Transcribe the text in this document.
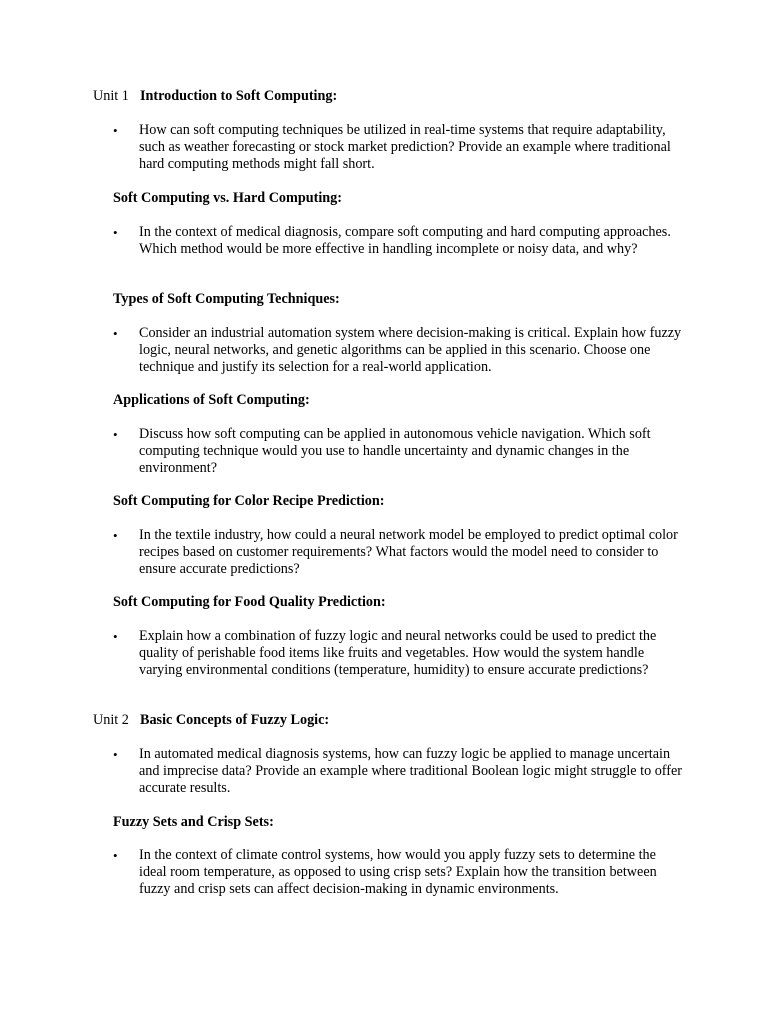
Unit 1 Introduction to Soft Computing:
•	How can soft computing techniques be utilized in real-time systems that require adaptability, such as weather forecasting or stock market prediction? Provide an example where traditional hard computing methods might fall short.
Soft Computing vs. Hard Computing:
•	In the context of medical diagnosis, compare soft computing and hard computing approaches. Which method would be more effective in handling incomplete or noisy data, and why?
Types of Soft Computing Techniques:
•	Consider an industrial automation system where decision-making is critical. Explain how fuzzy logic, neural networks, and genetic algorithms can be applied in this scenario. Choose one technique and justify its selection for a real-world application.
Applications of Soft Computing:
•	Discuss how soft computing can be applied in autonomous vehicle navigation. Which soft computing technique would you use to handle uncertainty and dynamic changes in the environment?
Soft Computing for Color Recipe Prediction:
•	In the textile industry, how could a neural network model be employed to predict optimal color recipes based on customer requirements? What factors would the model need to consider to ensure accurate predictions?
Soft Computing for Food Quality Prediction:
•	Explain how a combination of fuzzy logic and neural networks could be used to predict the quality of perishable food items like fruits and vegetables. How would the system handle varying environmental conditions (temperature, humidity) to ensure accurate predictions?
Unit 2 Basic Concepts of Fuzzy Logic:
•	In automated medical diagnosis systems, how can fuzzy logic be applied to manage uncertain and imprecise data? Provide an example where traditional Boolean logic might struggle to offer accurate results.
Fuzzy Sets and Crisp Sets:
•	In the context of climate control systems, how would you apply fuzzy sets to determine the ideal room temperature, as opposed to using crisp sets? Explain how the transition between fuzzy and crisp sets can affect decision-making in dynamic environments.
